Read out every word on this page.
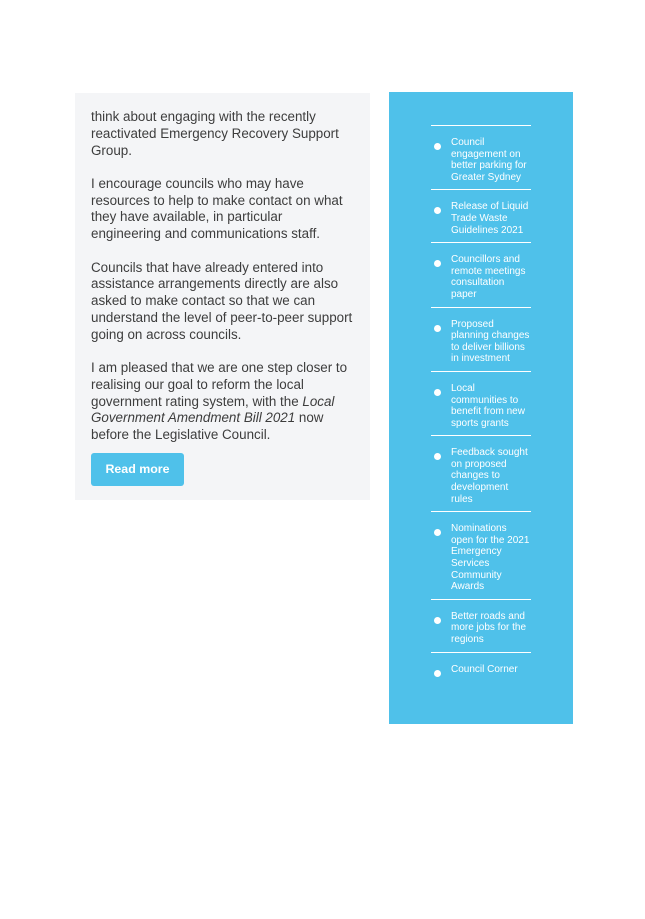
think about engaging with the recently reactivated Emergency Recovery Support Group.

I encourage councils who may have resources to help to make contact on what they have available, in particular engineering and communications staff.

Councils that have already entered into assistance arrangements directly are also asked to make contact so that we can understand the level of peer-to-peer support going on across councils.

I am pleased that we are one step closer to realising our goal to reform the local government rating system, with the Local Government Amendment Bill 2021 now before the Legislative Council.

Read more
Council engagement on better parking for Greater Sydney
Release of Liquid Trade Waste Guidelines 2021
Councillors and remote meetings consultation paper
Proposed planning changes to deliver billions in investment
Local communities to benefit from new sports grants
Feedback sought on proposed changes to development rules
Nominations open for the 2021 Emergency Services Community Awards
Better roads and more jobs for the regions
Council Corner
